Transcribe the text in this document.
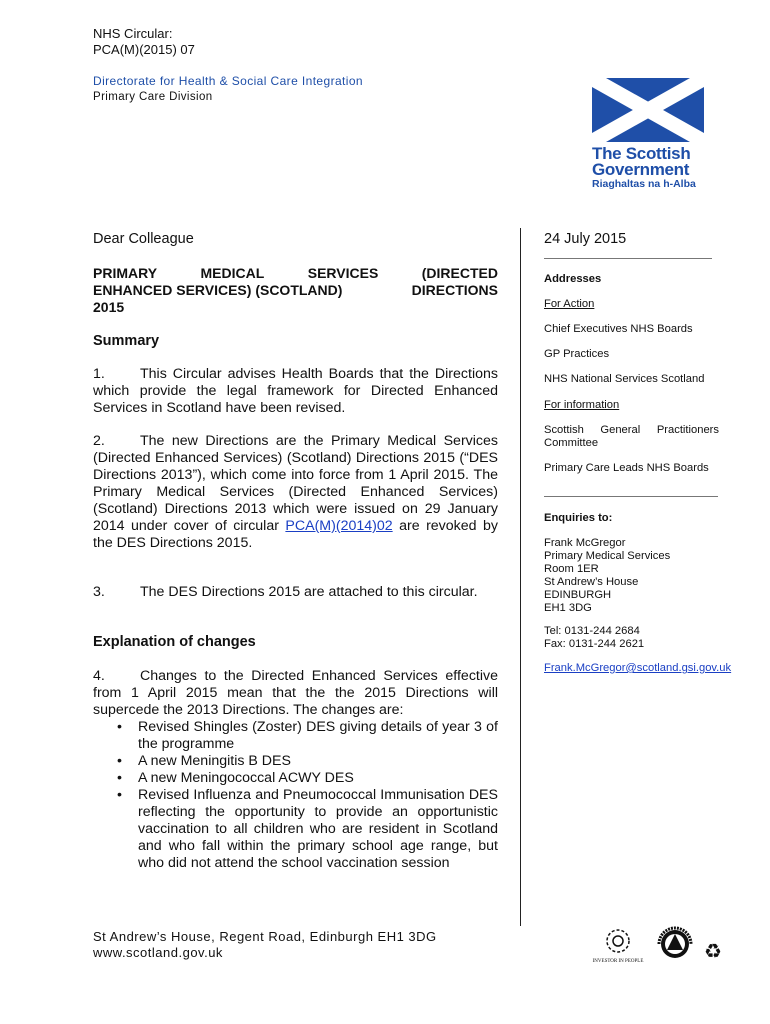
NHS Circular:
PCA(M)(2015) 07
Directorate for Health & Social Care Integration
Primary Care Division
The Scottish
Government
Riaghaltas na h-Alba
Dear Colleague
PRIMARY	MEDICAL	SERVICES	(DIRECTED
ENHANCED SERVICES) (SCOTLAND)	DIRECTIONS
2015
Summary
1. This Circular advises Health Boards that the Directions which provide the legal framework for Directed Enhanced Services in Scotland have been revised.
2. The new Directions are the Primary Medical Services (Directed Enhanced Services) (Scotland) Directions 2015 (“DES Directions 2013”), which come into force from 1 April 2015. The Primary Medical Services (Directed Enhanced Services) (Scotland) Directions 2013 which were issued on 29 January 2014 under cover of circular PCA(M)(2014)02 are revoked by the DES Directions 2015.
3. The DES Directions 2015 are attached to this circular.
Explanation of changes
4. Changes to the Directed Enhanced Services effective from 1 April 2015 mean that the the 2015 Directions will supercede the 2013 Directions. The changes are:
• Revised Shingles (Zoster) DES giving details of year 3 of the programme
• A new Meningitis B DES
• A new Meningococcal ACWY DES
• Revised Influenza and Pneumococcal Immunisation DES reflecting the opportunity to provide an opportunistic vaccination to all children who are resident in Scotland and who fall within the primary school age range, but who did not attend the school vaccination session
24 July 2015
Addresses
For Action
Chief Executives NHS Boards
GP Practices
NHS National Services Scotland
For information
Scottish General Practitioners Committee
Primary Care Leads NHS Boards
Enquiries to:
Frank McGregor
Primary Medical Services
Room 1ER
St Andrew’s House
EDINBURGH
EH1 3DG
Tel: 0131-244 2684
Fax: 0131-244 2621
Frank.McGregor@scotland.gsi.gov.uk
St Andrew’s House, Regent Road, Edinburgh EH1 3DG
www.scotland.gov.uk
INVESTOR IN PEOPLE	♻
